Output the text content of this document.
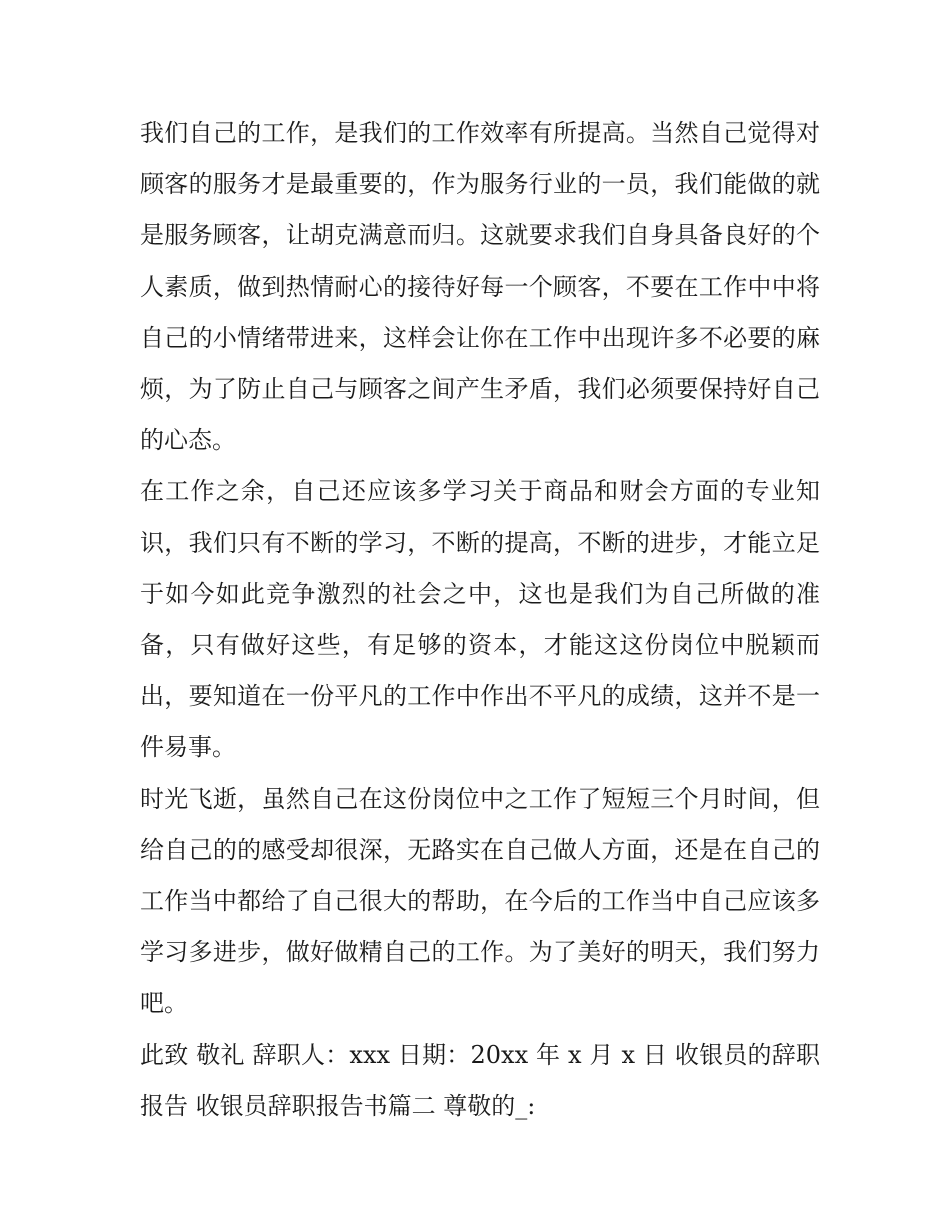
我们自己的工作，是我们的工作效率有所提高。当然自己觉得对顾客的服务才是最重要的，作为服务行业的一员，我们能做的就是服务顾客，让胡克满意而归。这就要求我们自身具备良好的个人素质，做到热情耐心的接待好每一个顾客，不要在工作中中将自己的小情绪带进来，这样会让你在工作中出现许多不必要的麻烦，为了防止自己与顾客之间产生矛盾，我们必须要保持好自己的心态。

在工作之余，自己还应该多学习关于商品和财会方面的专业知识，我们只有不断的学习，不断的提高，不断的进步，才能立足于如今如此竞争激烈的社会之中，这也是我们为自己所做的准备，只有做好这些，有足够的资本，才能这这份岗位中脱颖而出，要知道在一份平凡的工作中作出不平凡的成绩，这并不是一件易事。

时光飞逝，虽然自己在这份岗位中之工作了短短三个月时间，但给自己的的感受却很深，无路实在自己做人方面，还是在自己的工作当中都给了自己很大的帮助，在今后的工作当中自己应该多学习多进步，做好做精自己的工作。为了美好的明天，我们努力吧。

此致 敬礼 辞职人：xxx 日期：20xx 年 x 月 x 日 收银员的辞职报告 收银员辞职报告书篇二 尊敬的_:
